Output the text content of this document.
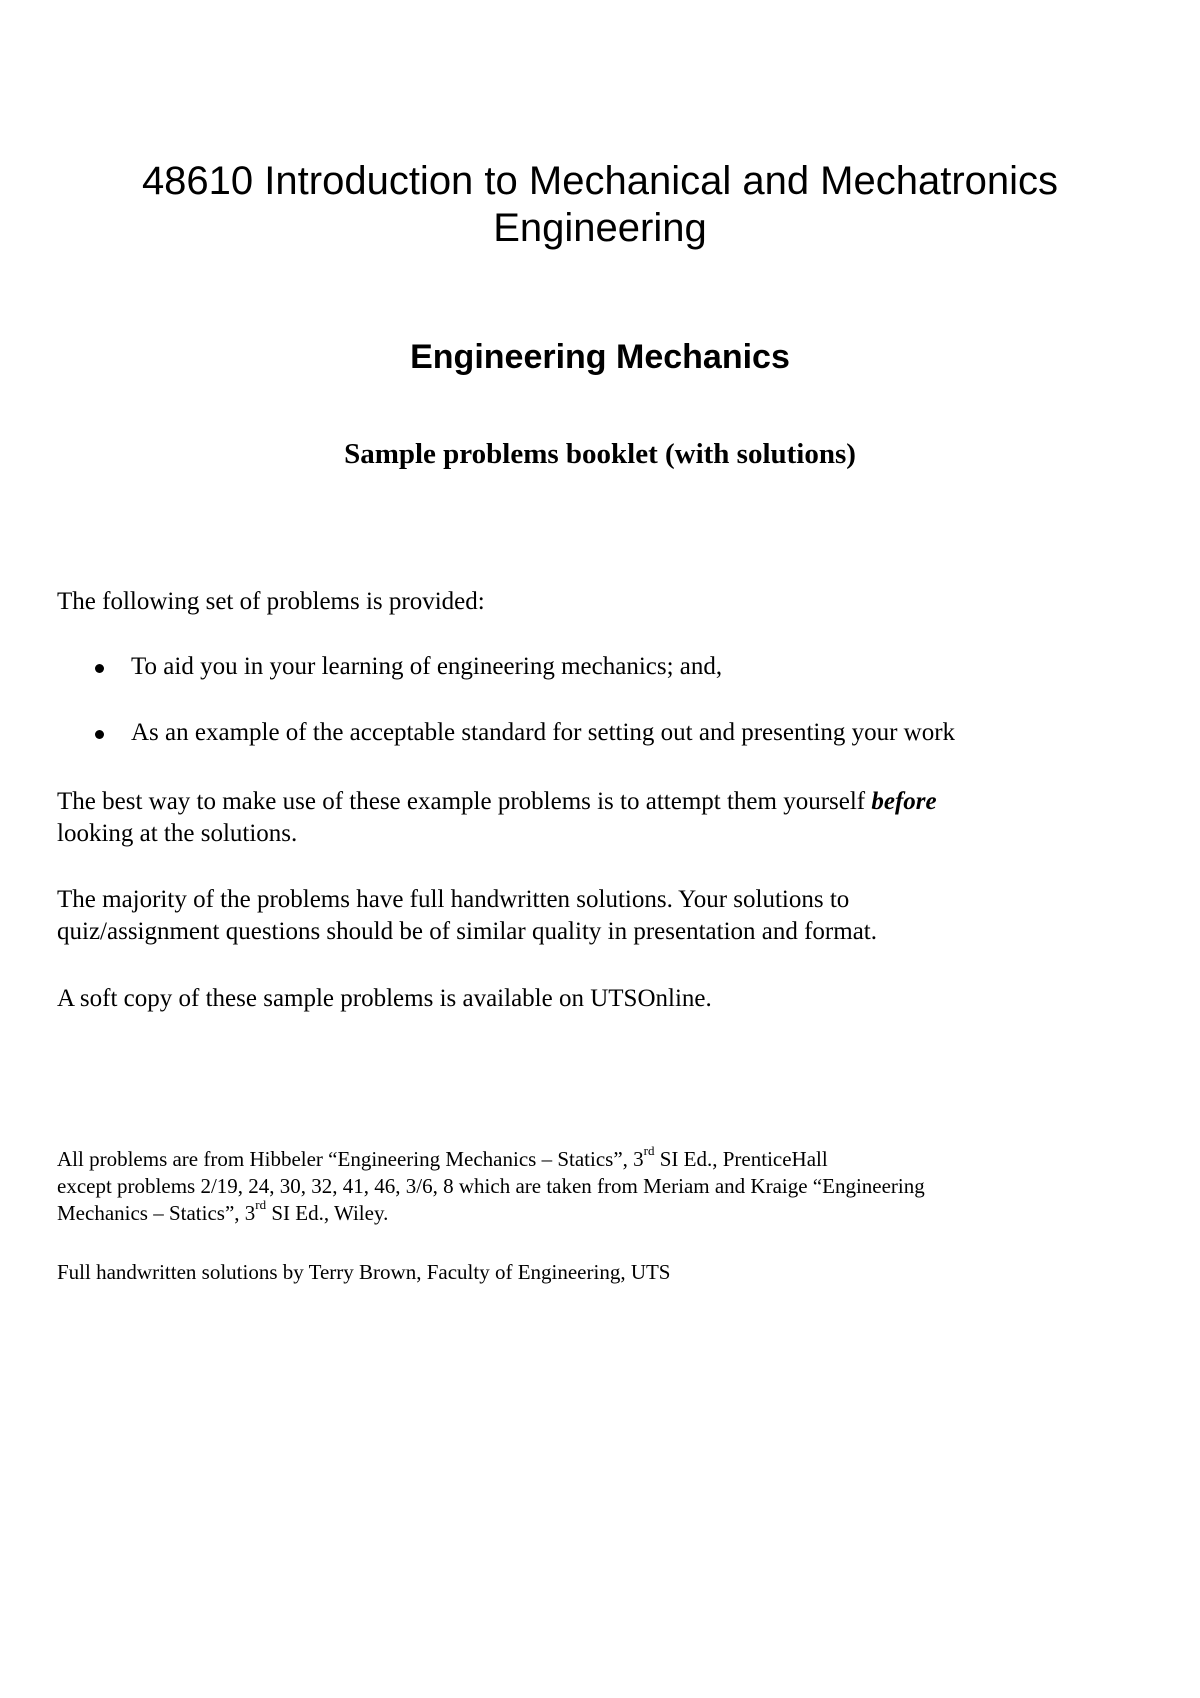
48610 Introduction to Mechanical and Mechatronics
Engineering
Engineering Mechanics
Sample problems booklet (with solutions)
The following set of problems is provided:
To aid you in your learning of engineering mechanics; and,
As an example of the acceptable standard for setting out and presenting your work
The best way to make use of these example problems is to attempt them yourself before
looking at the solutions.
The majority of the problems have full handwritten solutions. Your solutions to
quiz/assignment questions should be of similar quality in presentation and format.
A soft copy of these sample problems is available on UTSOnline.
All problems are from Hibbeler “Engineering Mechanics – Statics”, 3rd SI Ed., PrenticeHall
except problems 2/19, 24, 30, 32, 41, 46, 3/6, 8 which are taken from Meriam and Kraige “Engineering
Mechanics – Statics”, 3rd SI Ed., Wiley.
Full handwritten solutions by Terry Brown, Faculty of Engineering, UTS
